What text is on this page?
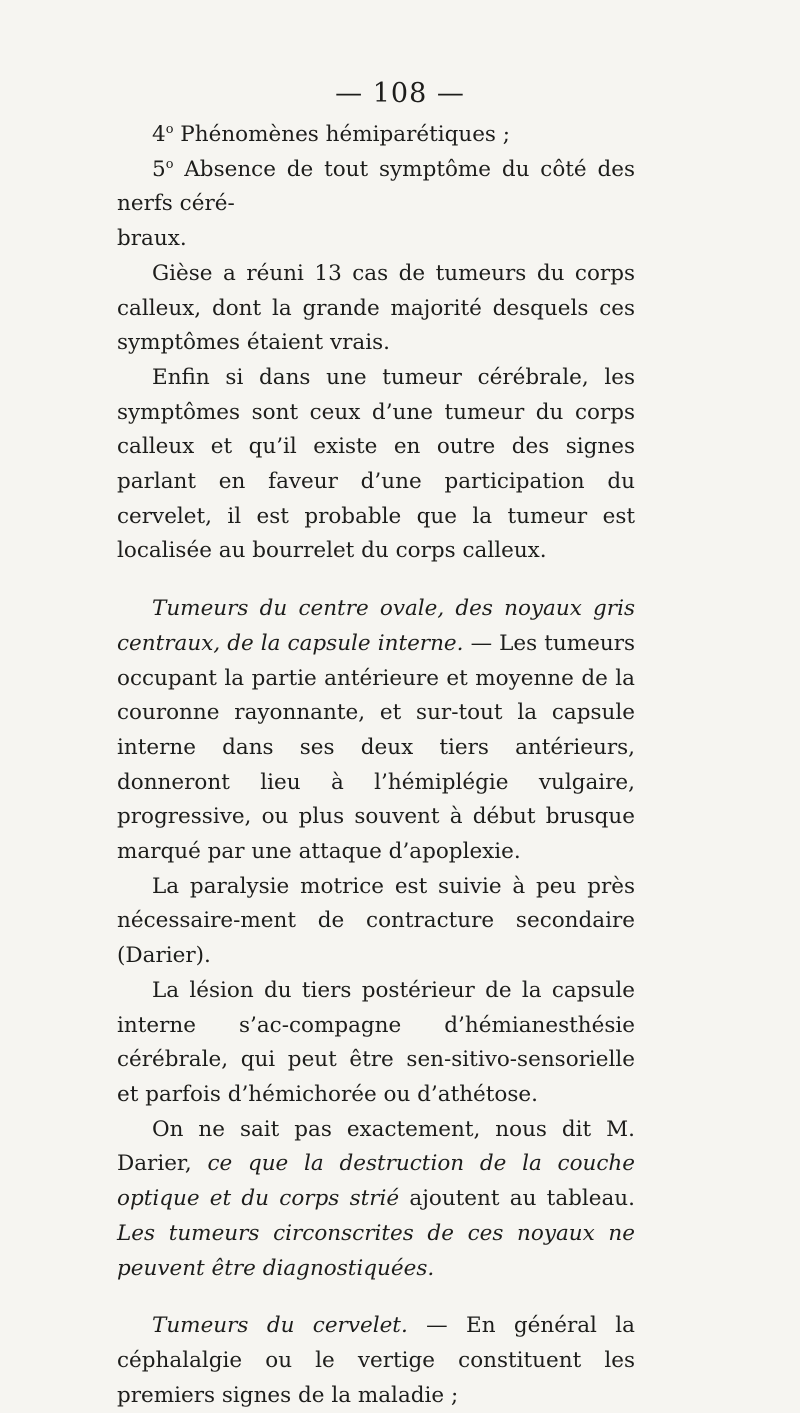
— 108 —

4$^o$ Phénomènes hémiparétiques ;

5$^o$ Absence de tout symptôme du côté des nerfs céré-

braux.

Gièse a réuni 13 cas de tumeurs du corps calleux, dont la grande majorité desquels ces symptômes étaient vrais.

Enfin si dans une tumeur cérébrale, les symptômes sont ceux d’une tumeur du corps calleux et qu’il existe en outre des signes parlant en faveur d’une participation du cervelet, il est probable que la tumeur est localisée au bourrelet du corps calleux.

Tumeurs du centre ovale, des noyaux gris centraux, de la capsule interne. — Les tumeurs occupant la partie antérieure et moyenne de la couronne rayonnante, et sur-tout la capsule interne dans ses deux tiers antérieurs, donneront lieu à l’hémiplégie vulgaire, progressive, ou plus souvent à début brusque marqué par une attaque d’apoplexie.

La paralysie motrice est suivie à peu près nécessaire-ment de contracture secondaire (Darier).

La lésion du tiers postérieur de la capsule interne s’ac-compagne d’hémianesthésie cérébrale, qui peut être sen-sitivo-sensorielle et parfois d’hémichorée ou d’athétose.

On ne sait pas exactement, nous dit M. Darier, ce que la destruction de la couche optique et du corps strié ajoutent au tableau. Les tumeurs circonscrites de ces noyaux ne peuvent être diagnostiquées.

Tumeurs du cervelet. — En général la céphalalgie ou le vertige constituent les premiers signes de la maladie ;
